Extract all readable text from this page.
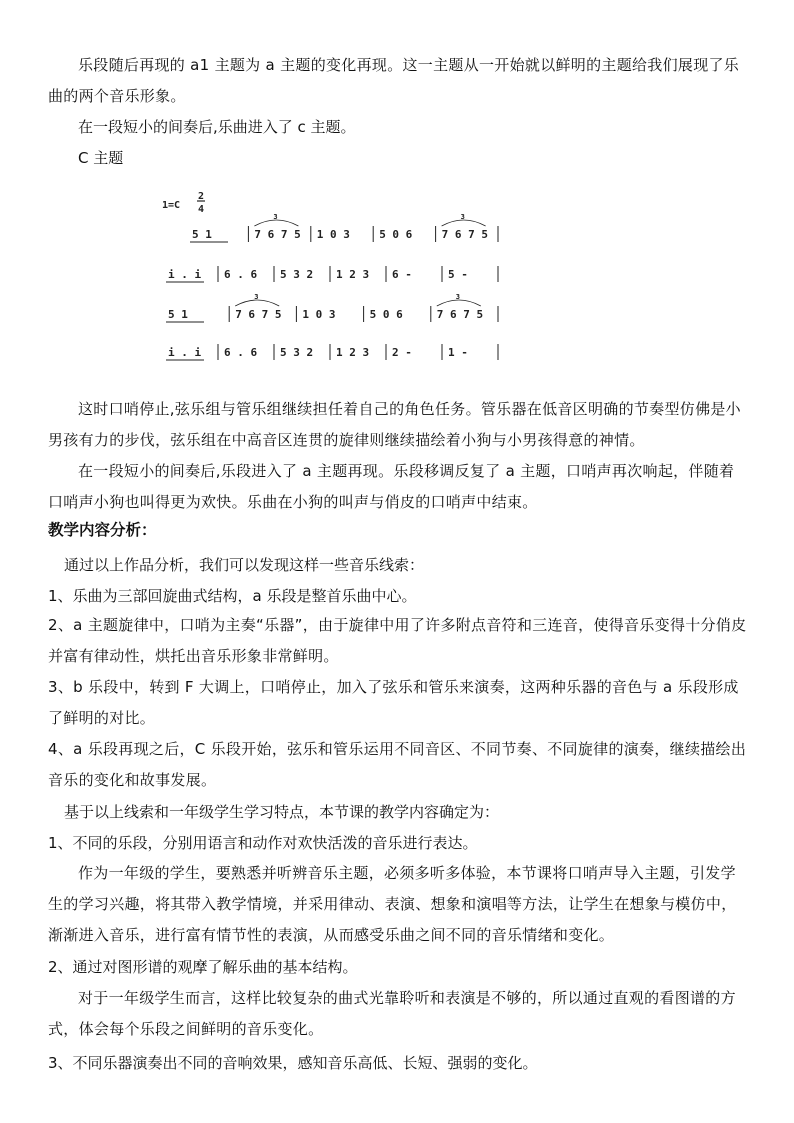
乐段随后再现的 a1 主题为 a 主题的变化再现。这一主题从一开始就以鲜明的主题给我们展现了乐曲的两个音乐形象。
在一段短小的间奏后,乐曲进入了 c 主题。
C 主题
1=C
2
4
5 1	7 6 7 5
3
1 0 3	5 0 6	7 6 7 5
3
i . i 6 . 6 5 3 2 1 2 3 6 -	5 -
5 1	7 6 7 5
3
1 0 3	5 0 6	7 6 7 5
3
i . i 6 . 6 5 3 2 1 2 3 2 -	1 -
这时口哨停止,弦乐组与管乐组继续担任着自己的角色任务。管乐器在低音区明确的节奏型仿佛是小男孩有力的步伐，弦乐组在中高音区连贯的旋律则继续描绘着小狗与小男孩得意的神情。
在一段短小的间奏后,乐段进入了 a 主题再现。乐段移调反复了 a 主题，口哨声再次响起，伴随着口哨声小狗也叫得更为欢快。乐曲在小狗的叫声与俏皮的口哨声中结束。
教学内容分析：
通过以上作品分析，我们可以发现这样一些音乐线索：
1、乐曲为三部回旋曲式结构，a 乐段是整首乐曲中心。
2、a 主题旋律中，口哨为主奏“乐器”，由于旋律中用了许多附点音符和三连音，使得音乐变得十分俏皮并富有律动性，烘托出音乐形象非常鲜明。
3、b 乐段中，转到 F 大调上，口哨停止，加入了弦乐和管乐来演奏，这两种乐器的音色与 a 乐段形成了鲜明的对比。
4、a 乐段再现之后，C 乐段开始，弦乐和管乐运用不同音区、不同节奏、不同旋律的演奏，继续描绘出音乐的变化和故事发展。
基于以上线索和一年级学生学习特点，本节课的教学内容确定为：
1、不同的乐段，分别用语言和动作对欢快活泼的音乐进行表达。
作为一年级的学生，要熟悉并听辨音乐主题，必须多听多体验，本节课将口哨声导入主题，引发学生的学习兴趣，将其带入教学情境，并采用律动、表演、想象和演唱等方法，让学生在想象与模仿中，渐渐进入音乐，进行富有情节性的表演，从而感受乐曲之间不同的音乐情绪和变化。
2、通过对图形谱的观摩了解乐曲的基本结构。
对于一年级学生而言，这样比较复杂的曲式光靠聆听和表演是不够的，所以通过直观的看图谱的方式，体会每个乐段之间鲜明的音乐变化。
3、不同乐器演奏出不同的音响效果，感知音乐高低、长短、强弱的变化。
